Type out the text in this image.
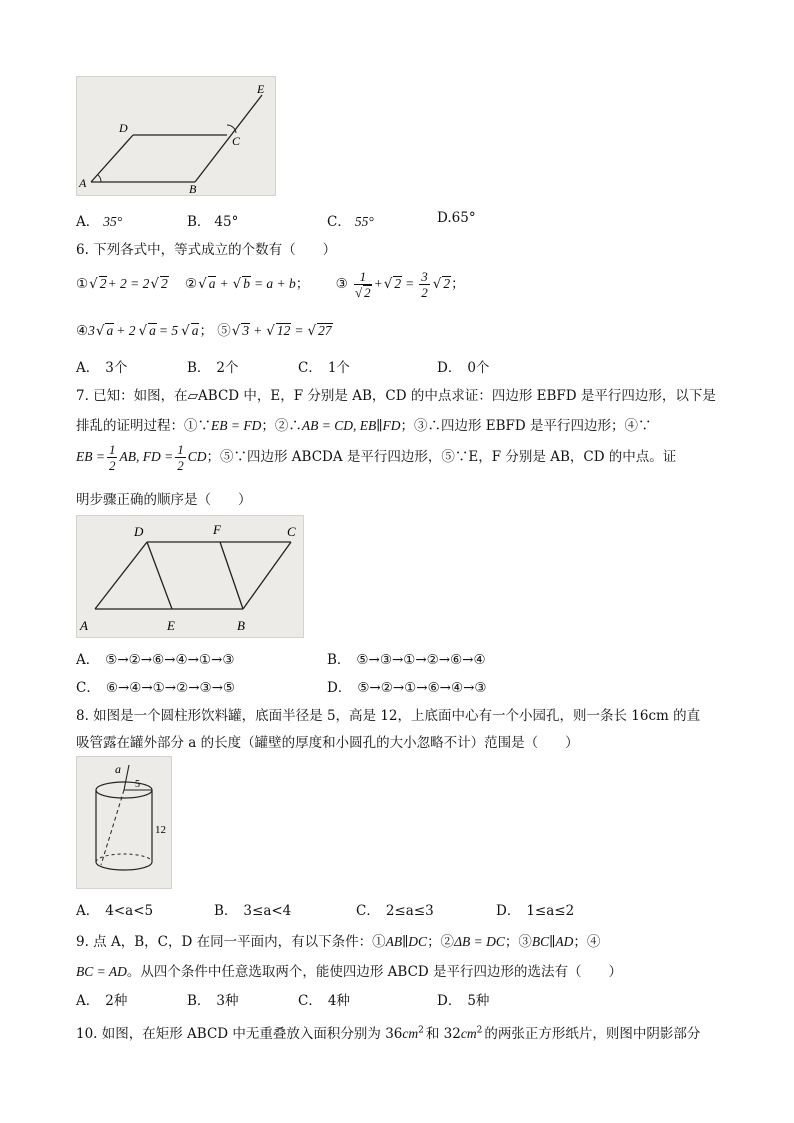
A	B
C
D
E
A． 35°	B． 45°	C． 55°	D.65°
6. 下列各式中，等式成立的个数有（　　）
①√ 2+ 2 = 2√ 2 ②√ a + √ b = a + b； ③ $\frac{1}{√ 2}$ +√ $2 = \frac{3}{2}$ √ 2；
④3√ a + 2 √ a = 5 √ a； ⑤√ 3 + √ 12 = √ 27
A． 3个	B． 2个	C． 1个	D． 0个
7. 已知：如图，在▱ABCD 中，E，F 分别是 AB，CD 的中点求证：四边形 EBFD 是平行四边形，以下是
排乱的证明过程：①∵EB = FD；②∴AB = CD, EB∥FD；③∴四边形 EBFD 是平行四边形；④∵
EB = $\frac{1}{2}$ AB, FD = $\frac{1}{2}$ CD；⑤∵四边形 ABCDA 是平行四边形，⑤∵E，F 分别是 AB，CD 的中点。证
明步骤正确的顺序是（　　）
A	E	B
D	F	C
A． ⑤→②→⑥→④→①→③	B． ⑤→③→①→②→⑥→④
C． ⑥→④→①→②→③→⑤	D． ⑤→②→①→⑥→④→③
8. 如图是一个圆柱形饮料罐，底面半径是 5，高是 12，上底面中心有一个小园孔，则一条长 16cm 的直
吸管露在罐外部分 a 的长度（罐壁的厚度和小圆孔的大小忽略不计）范围是（　　）
a
5
12
A． 4<a<5	B． 3≤a<4	C． 2≤a≤3	D． 1≤a≤2
9. 点 A，B，C，D 在同一平面内，有以下条件：①AB∥DC；②ΔB = DC；③BC∥AD；④
BC = AD。从四个条件中任意选取两个，能使四边形 ABCD 是平行四边形的选法有（　　）
A． 2种	B． 3种	C． 4种	D． 5种
10. 如图，在矩形 ABCD 中无重叠放入面积分别为 $36cm^2$ 和 $32cm^2$ 的两张正方形纸片，则图中阴影部分
